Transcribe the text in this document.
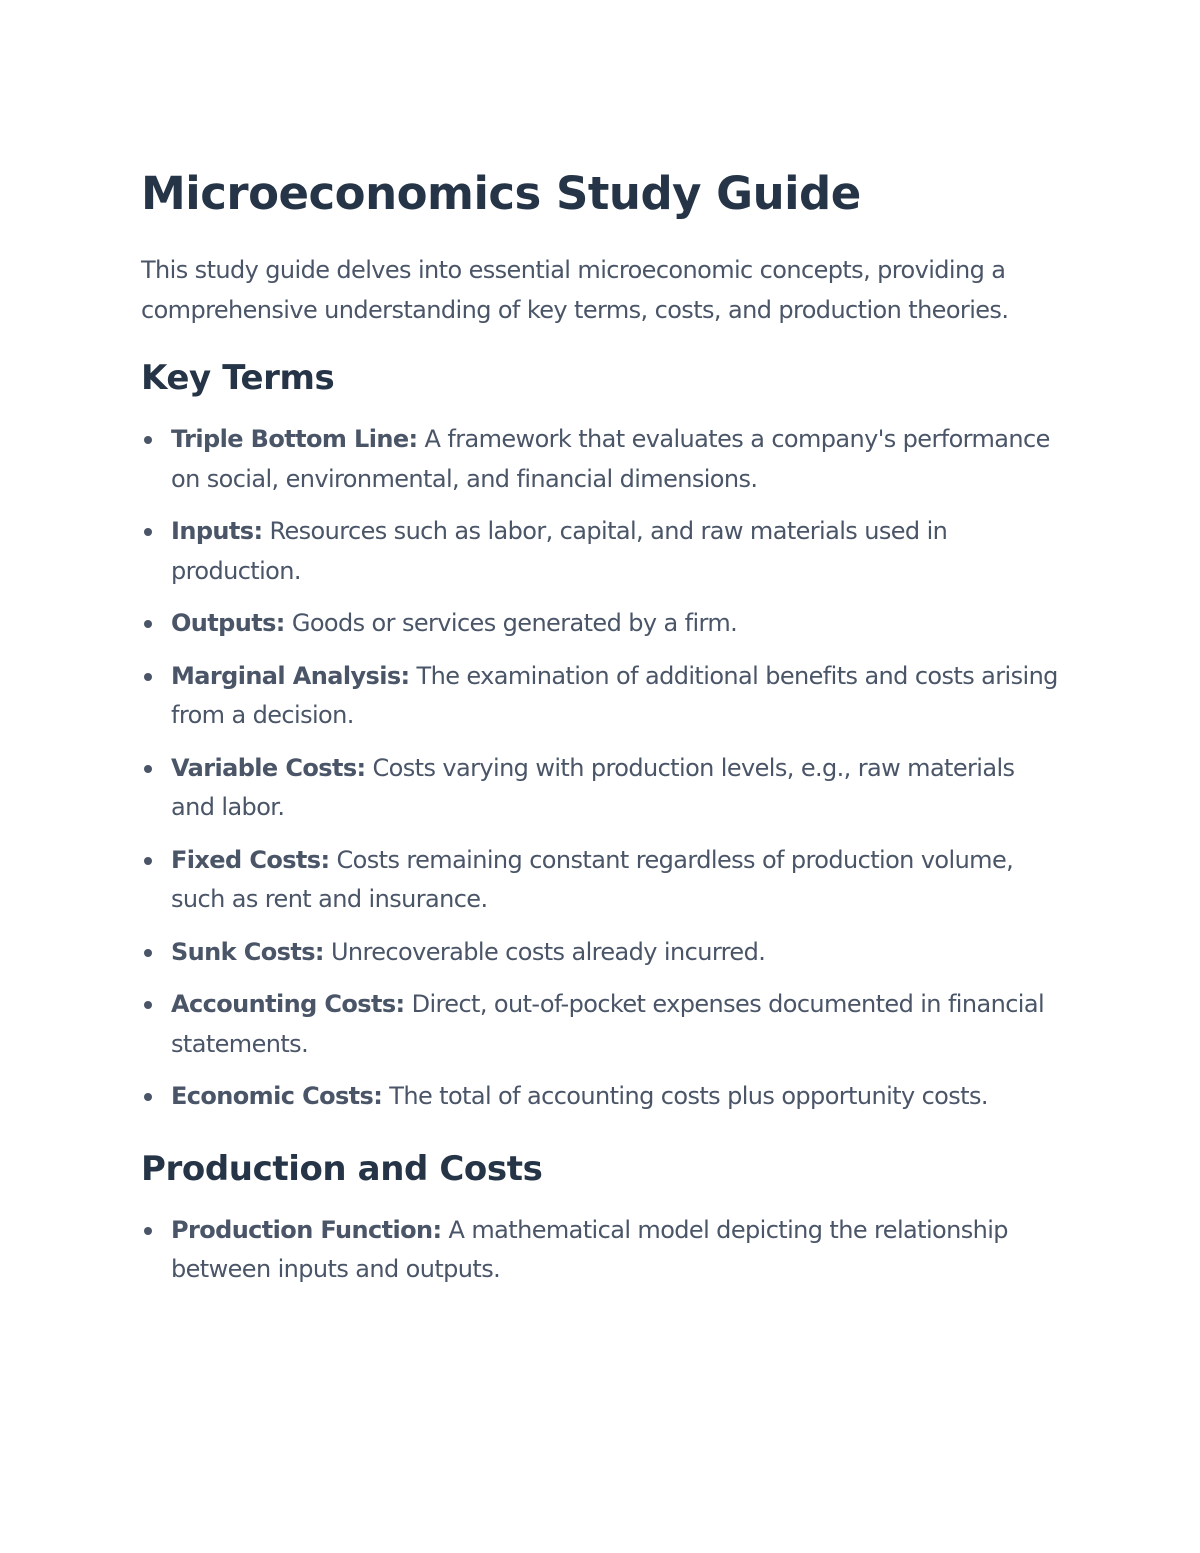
Microeconomics Study Guide

This study guide delves into essential microeconomic concepts, providing a comprehensive understanding of key terms, costs, and production theories.

Key Terms
Triple Bottom Line: A framework that evaluates a company's performance on social, environmental, and financial dimensions.
Inputs: Resources such as labor, capital, and raw materials used in production.
Outputs: Goods or services generated by a firm.
Marginal Analysis: The examination of additional benefits and costs arising from a decision.
Variable Costs: Costs varying with production levels, e.g., raw materials and labor.
Fixed Costs: Costs remaining constant regardless of production volume, such as rent and insurance.
Sunk Costs: Unrecoverable costs already incurred.
Accounting Costs: Direct, out-of-pocket expenses documented in financial statements.
Economic Costs: The total of accounting costs plus opportunity costs.
Production and Costs
Production Function: A mathematical model depicting the relationship between inputs and outputs.
